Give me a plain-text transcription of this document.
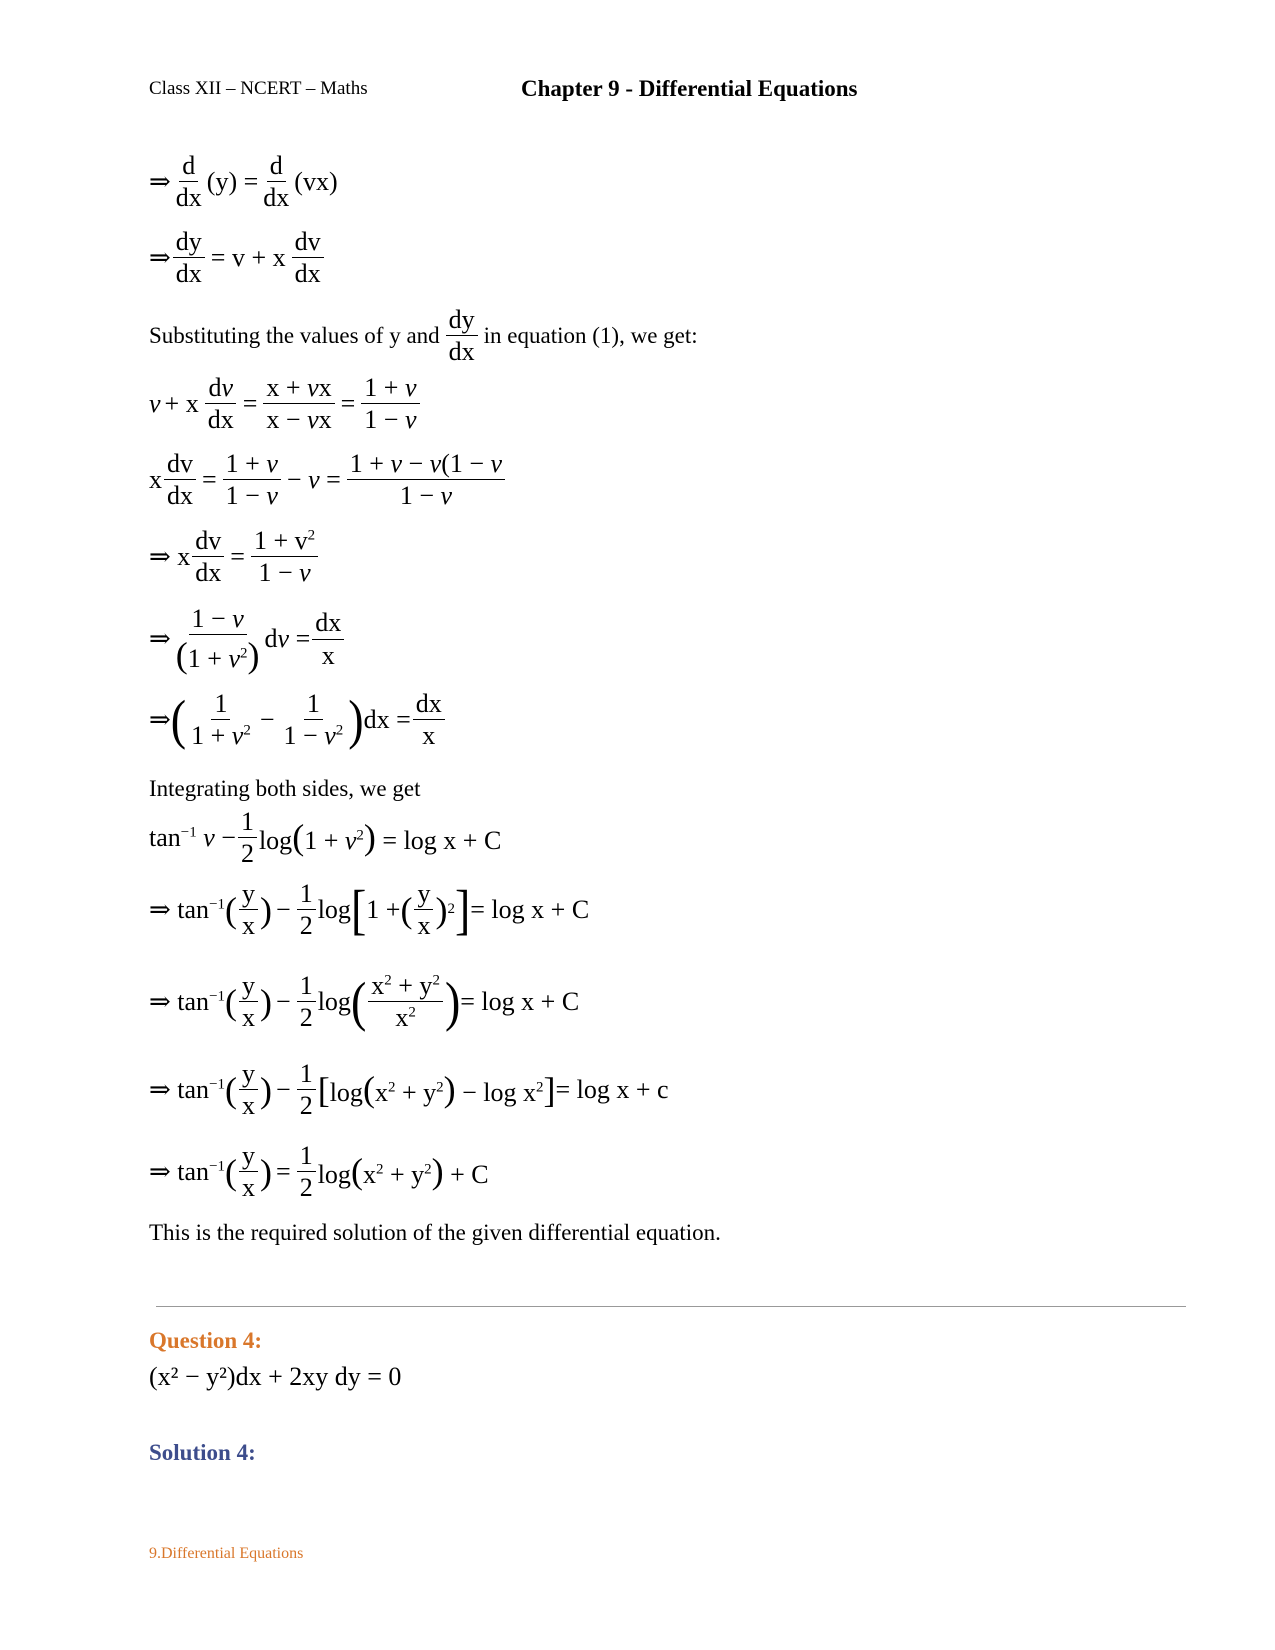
Class XII – NCERT – Maths	Chapter 9 - Differential Equations
⇒ $\frac{d}{dx} (y) = \frac{d}{dx} (vx)$
⇒ $\frac{dy}{dx} = v + x \frac{dv}{dx}$
Substituting the values of y and $\frac{dy}{dx}$ in equation (1), we get:
v + x $\frac{dv}{dx} = \frac{x + vx}{x - vx} = \frac{1 + v}{1 - v}$
x $\frac{dv}{dx} = \frac{1 + v}{1 - v} - v = \frac{1 + v - v(1 - v}{1 - v}$
⇒ x $\frac{dv}{dx} = \frac{1 + v^2}{1 - v}$
⇒ $\frac{1 - v}{(1 + v^2)}$ dv = $\frac{dx}{x}$
⇒ ( $\frac{1}{1 + v^2} - \frac{1}{1 - v^2}$ ) dx = $\frac{dx}{x}$
Integrating both sides, we get
$\tan^{-1} v - \frac{1}{2} \log(1 + v^2) = \log x + C$
⇒ $\tan^{-1}$ ( $\frac{y}{x}$ ) − $\frac{1}{2}$ log [ 1 + ( $\frac{y}{x}$ ) 2 ] = log x + C
⇒ $\tan^{-1}$ ( $\frac{y}{x}$ ) − $\frac{1}{2}$ log ( $\frac{x^2 + y^2}{x^2}$ ) = log x + C
⇒ $\tan^{-1}$ ( $\frac{y}{x}$ ) − $\frac{1}{2}$ [ $\log(x^2 + y^2) - \log x^2$ ] = log x + c
⇒ $\tan^{-1}$ ( $\frac{y}{x}$ ) = $\frac{1}{2} \log(x^2 + y^2) + C$
This is the required solution of the given differential equation.
Question 4:
(x² − y²)dx + 2xy dy = 0
Solution 4:
9.Differential Equations
